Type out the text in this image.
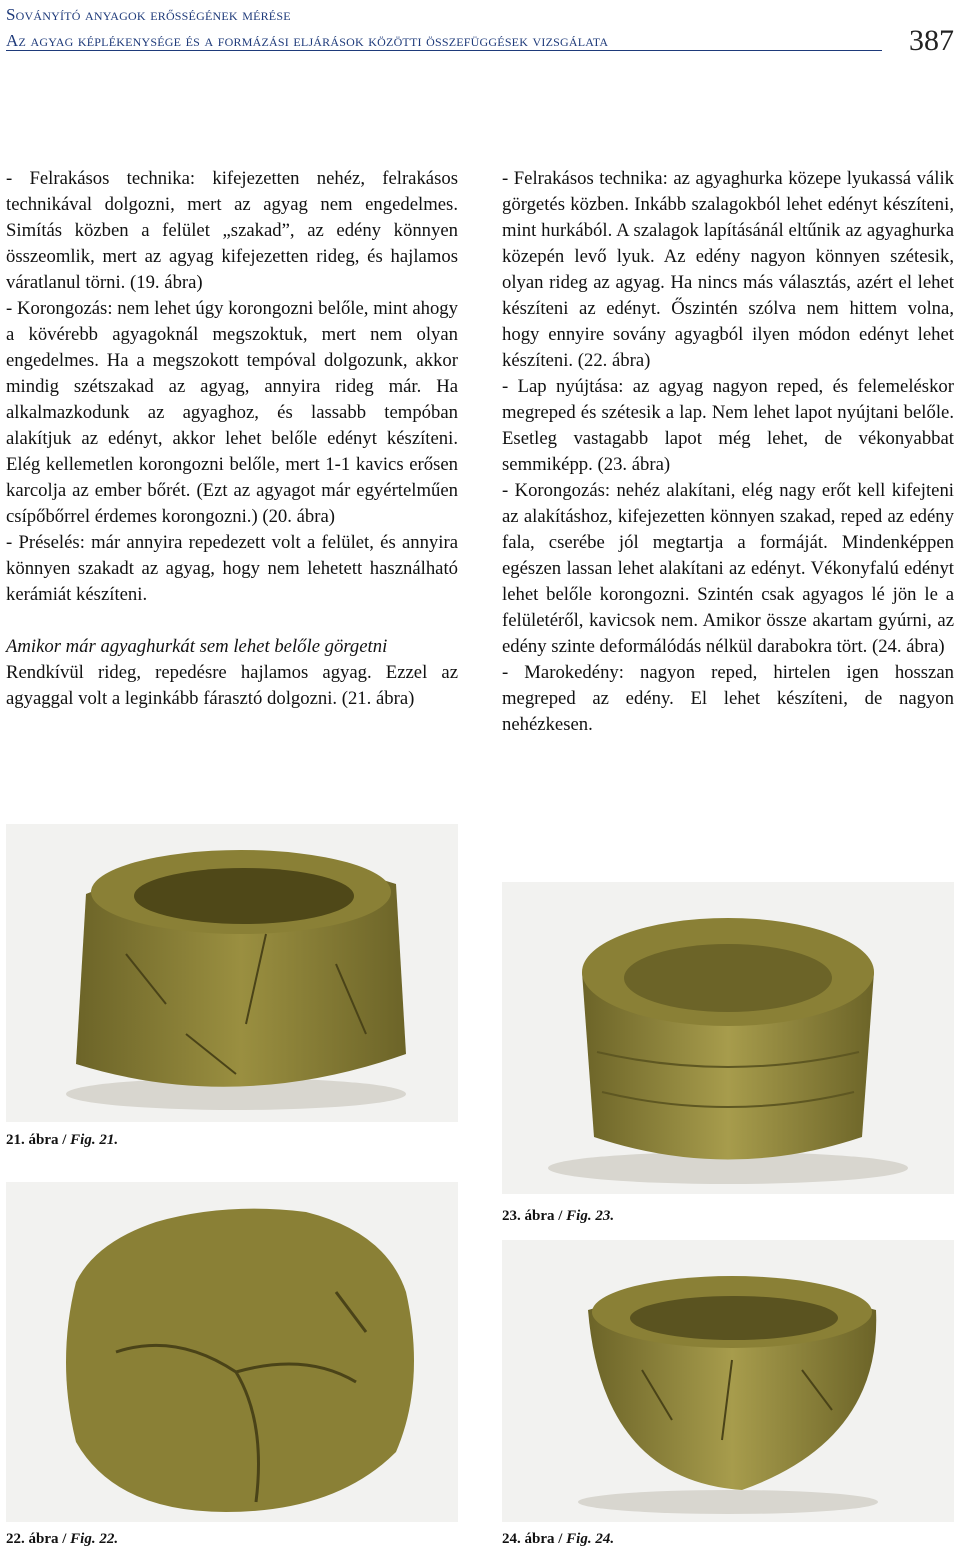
Soványító anyagok erősségének mérése
Az agyag képlékenysége és a formázási eljárások közötti összefüggések vizsgálata	387

- Felrakásos technika: kifejezetten nehéz, felrakásos technikával dolgozni, mert az agyag nem engedelmes. Simítás közben a felület „szakad”, az edény könnyen összeomlik, mert az agyag kifejezetten rideg, és hajlamos váratlanul törni. (19. ábra)

- Korongozás: nem lehet úgy korongozni belőle, mint ahogy a kövérebb agyagoknál megszoktuk, mert nem olyan engedelmes. Ha a megszokott tempóval dolgozunk, akkor mindig szétszakad az agyag, annyira rideg már. Ha alkalmazkodunk az agyaghoz, és lassabb tempóban alakítjuk az edényt, akkor lehet belőle edényt készíteni. Elég kellemetlen korongozni belőle, mert 1-1 kavics erősen karcolja az ember bőrét. (Ezt az agyagot már egyértelműen csípőbőrrel érdemes korongozni.) (20. ábra)

- Préselés: már annyira repedezett volt a felület, és annyira könnyen szakadt az agyag, hogy nem lehetett használható kerámiát készíteni.

Amikor már agyaghurkát sem lehet belőle görgetni

Rendkívül rideg, repedésre hajlamos agyag. Ezzel az agyaggal volt a leginkább fárasztó dolgozni. (21. ábra)

- Felrakásos technika: az agyaghurka közepe lyukassá válik görgetés közben. Inkább szalagokból lehet edényt készíteni, mint hurkából. A szalagok lapításánál eltűnik az agyaghurka közepén levő lyuk. Az edény nagyon könnyen szétesik, olyan rideg az agyag. Ha nincs más választás, azért el lehet készíteni az edényt. Őszintén szólva nem hittem volna, hogy ennyire sovány agyagból ilyen módon edényt lehet készíteni. (22. ábra)

- Lap nyújtása: az agyag nagyon reped, és felemeléskor megreped és szétesik a lap. Nem lehet lapot nyújtani belőle. Esetleg vastagabb lapot még lehet, de vékonyabbat semmiképp. (23. ábra)

- Korongozás: nehéz alakítani, elég nagy erőt kell kifejteni az alakításhoz, kifejezetten könnyen szakad, reped az edény fala, cserébe jól megtartja a formáját. Mindenképpen egészen lassan lehet alakítani az edényt. Vékonyfalú edényt lehet belőle korongozni. Szintén csak agyagos lé jön le a felületéről, kavicsok nem. Amikor össze akartam gyúrni, az edény szinte deformálódás nélkül darabokra tört. (24. ábra)

- Marokedény: nagyon reped, hirtelen igen hosszan megreped az edény. El lehet készíteni, de nagyon nehézkesen.

21. ábra / Fig. 21.
23. ábra / Fig. 23.
22. ábra / Fig. 22.	24. ábra / Fig. 24.
